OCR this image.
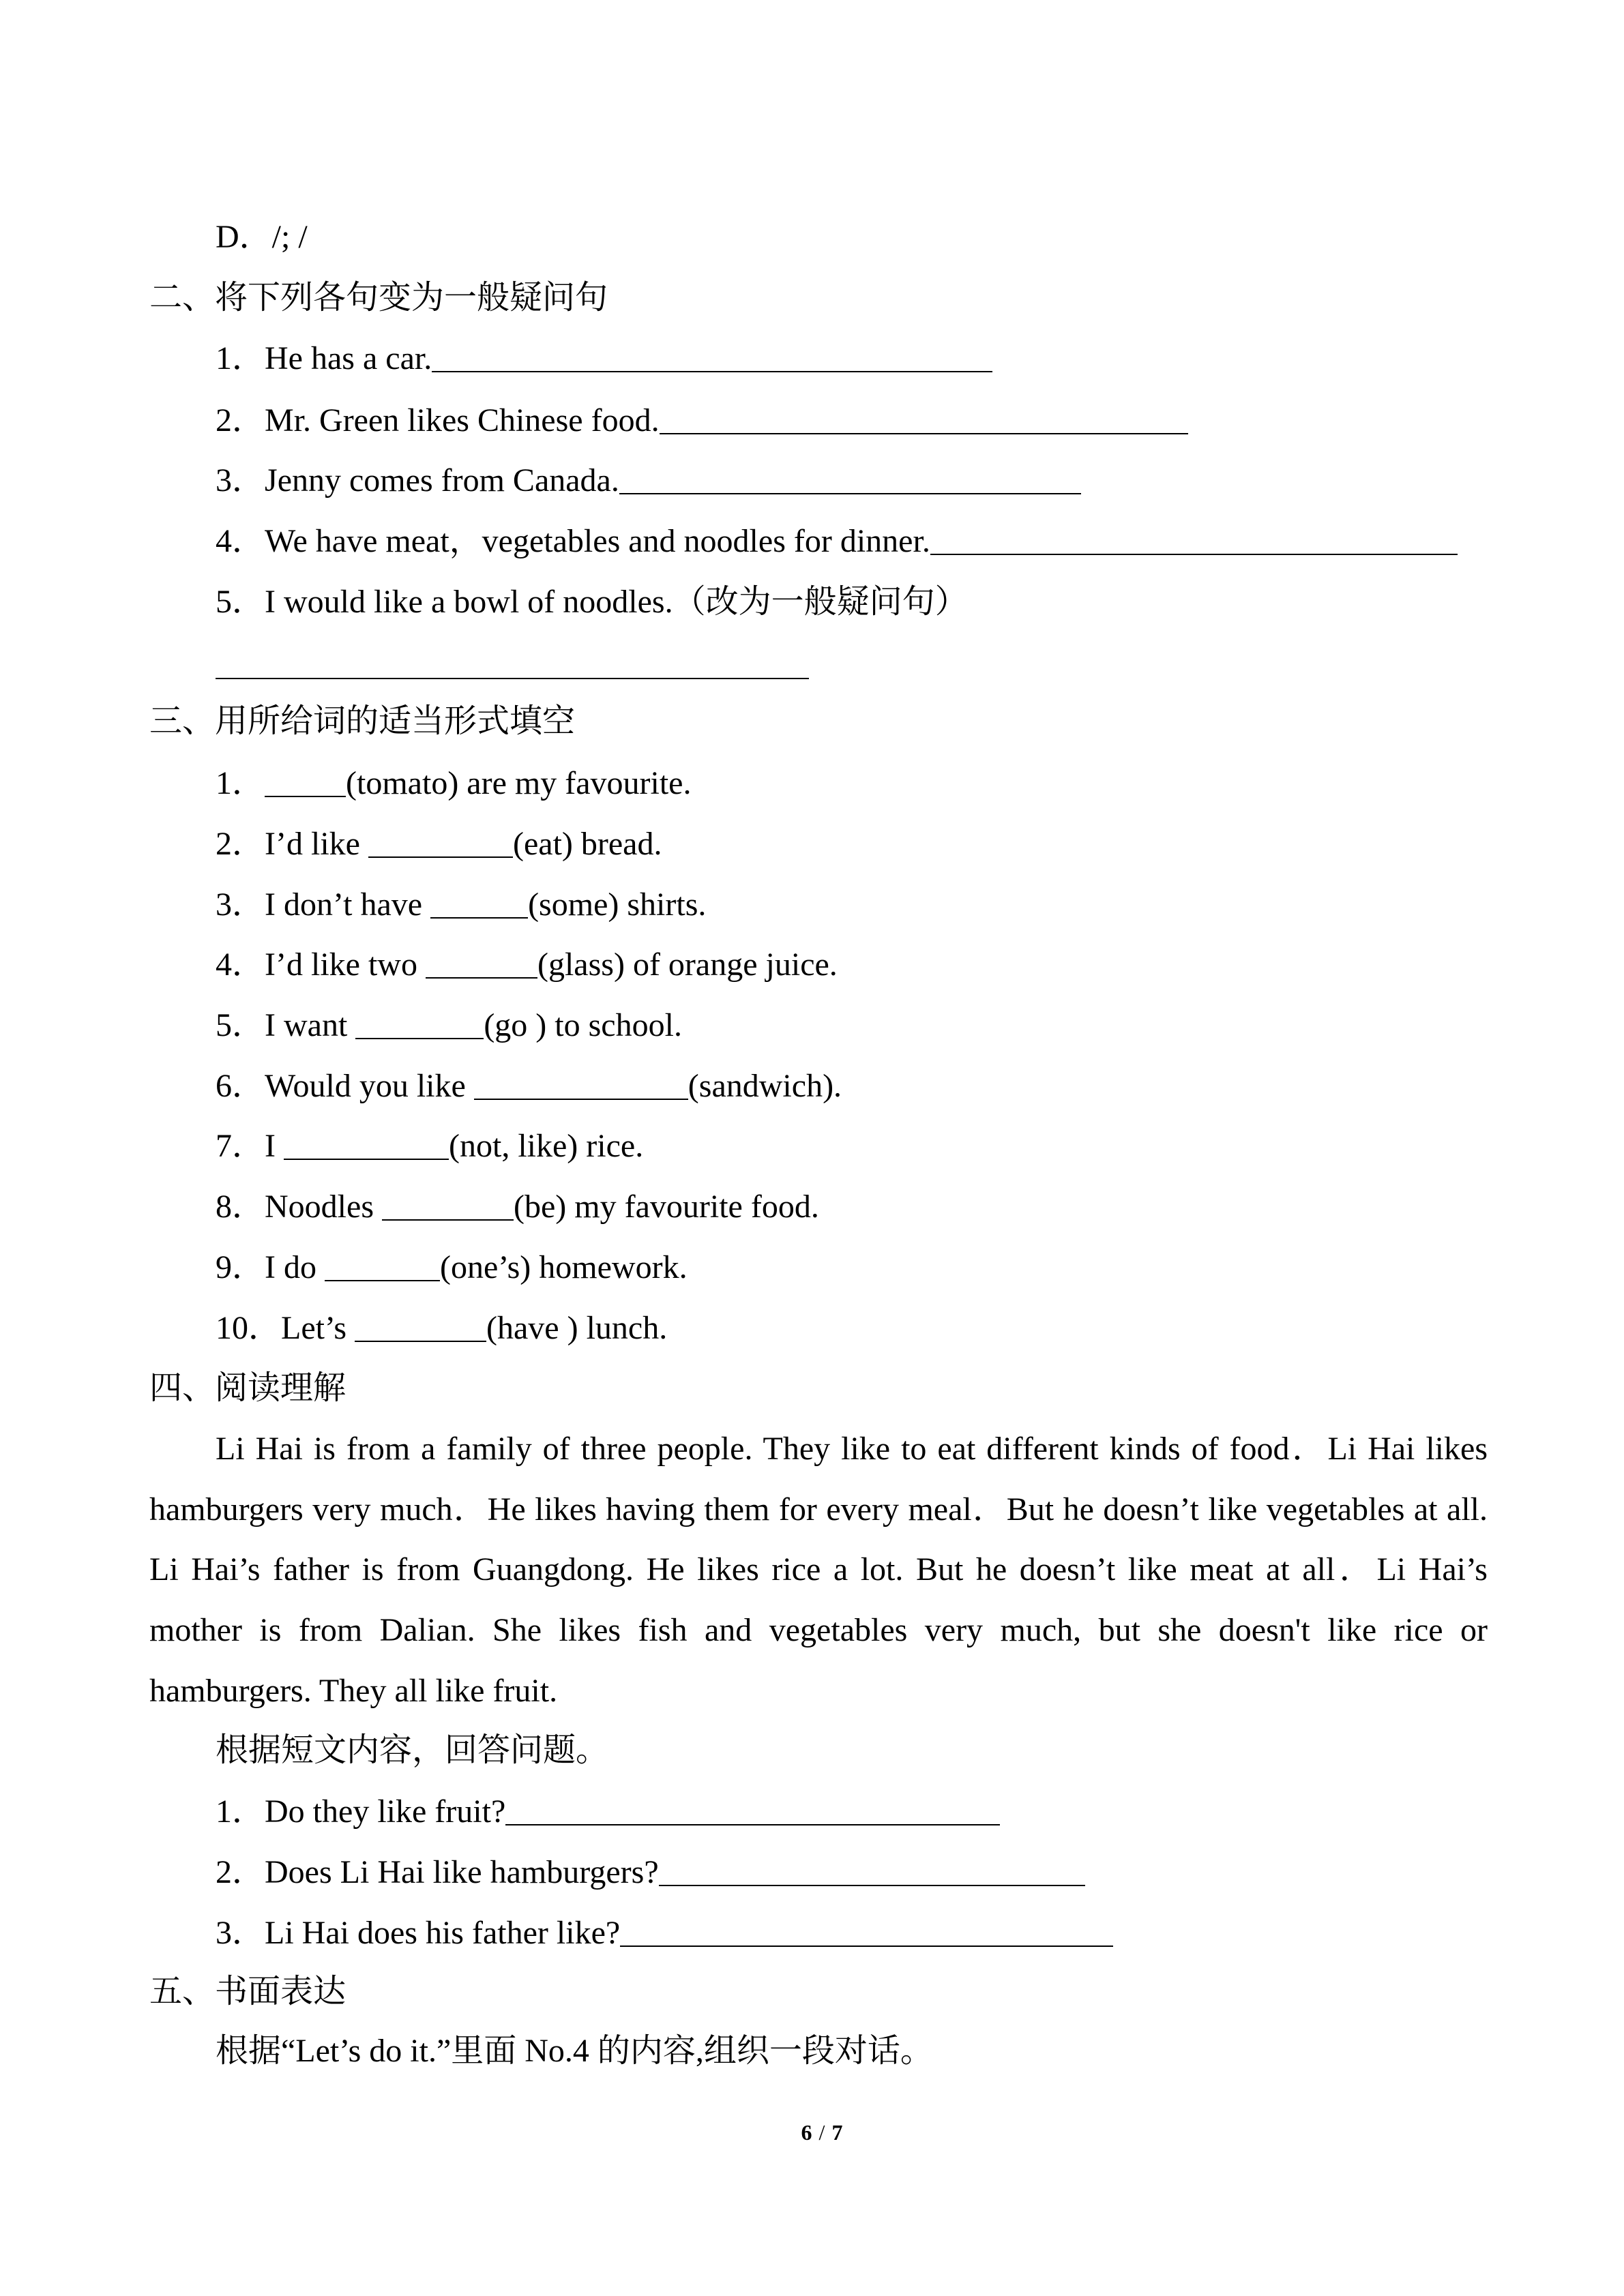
D．/; /
二、将下列各句变为一般疑问句
1．He has a car.
2．Mr. Green likes Chinese food.
3．Jenny comes from Canada.
4．We have meat，vegetables and noodles for dinner.
5．I would like a bowl of noodles.（改为一般疑问句）
三、用所给词的适当形式填空
1． (tomato) are my favourite.
2．I’d like	(eat) bread.
3．I don’t have	(some) shirts.
4．I’d like two	(glass) of orange juice.
5．I want	(go ) to school.
6．Would you like	(sandwich).
7．I	(not, like) rice.
8．Noodles	(be) my favourite food.
9．I do	(one’s) homework.
10．Let’s	(have ) lunch.
四、阅读理解
Li Hai is from a family of three people. They like to eat different kinds of food．Li Hai likes
hamburgers very much．He likes having them for every meal．But he doesn’t like vegetables at all.
Li Hai’s father is from Guangdong. He likes rice a lot. But he doesn’t like meat at all．Li Hai’s
mother is from Dalian. She likes fish and vegetables very much, but she doesn't like rice or
hamburgers. They all like fruit.
根据短文内容，回答问题。
1．Do they like fruit?
2．Does Li Hai like hamburgers?
3．Li Hai does his father like?
五、书面表达
根据“Let’s do it.”里面 No.4 的内容,组织一段对话。
6 / 7
